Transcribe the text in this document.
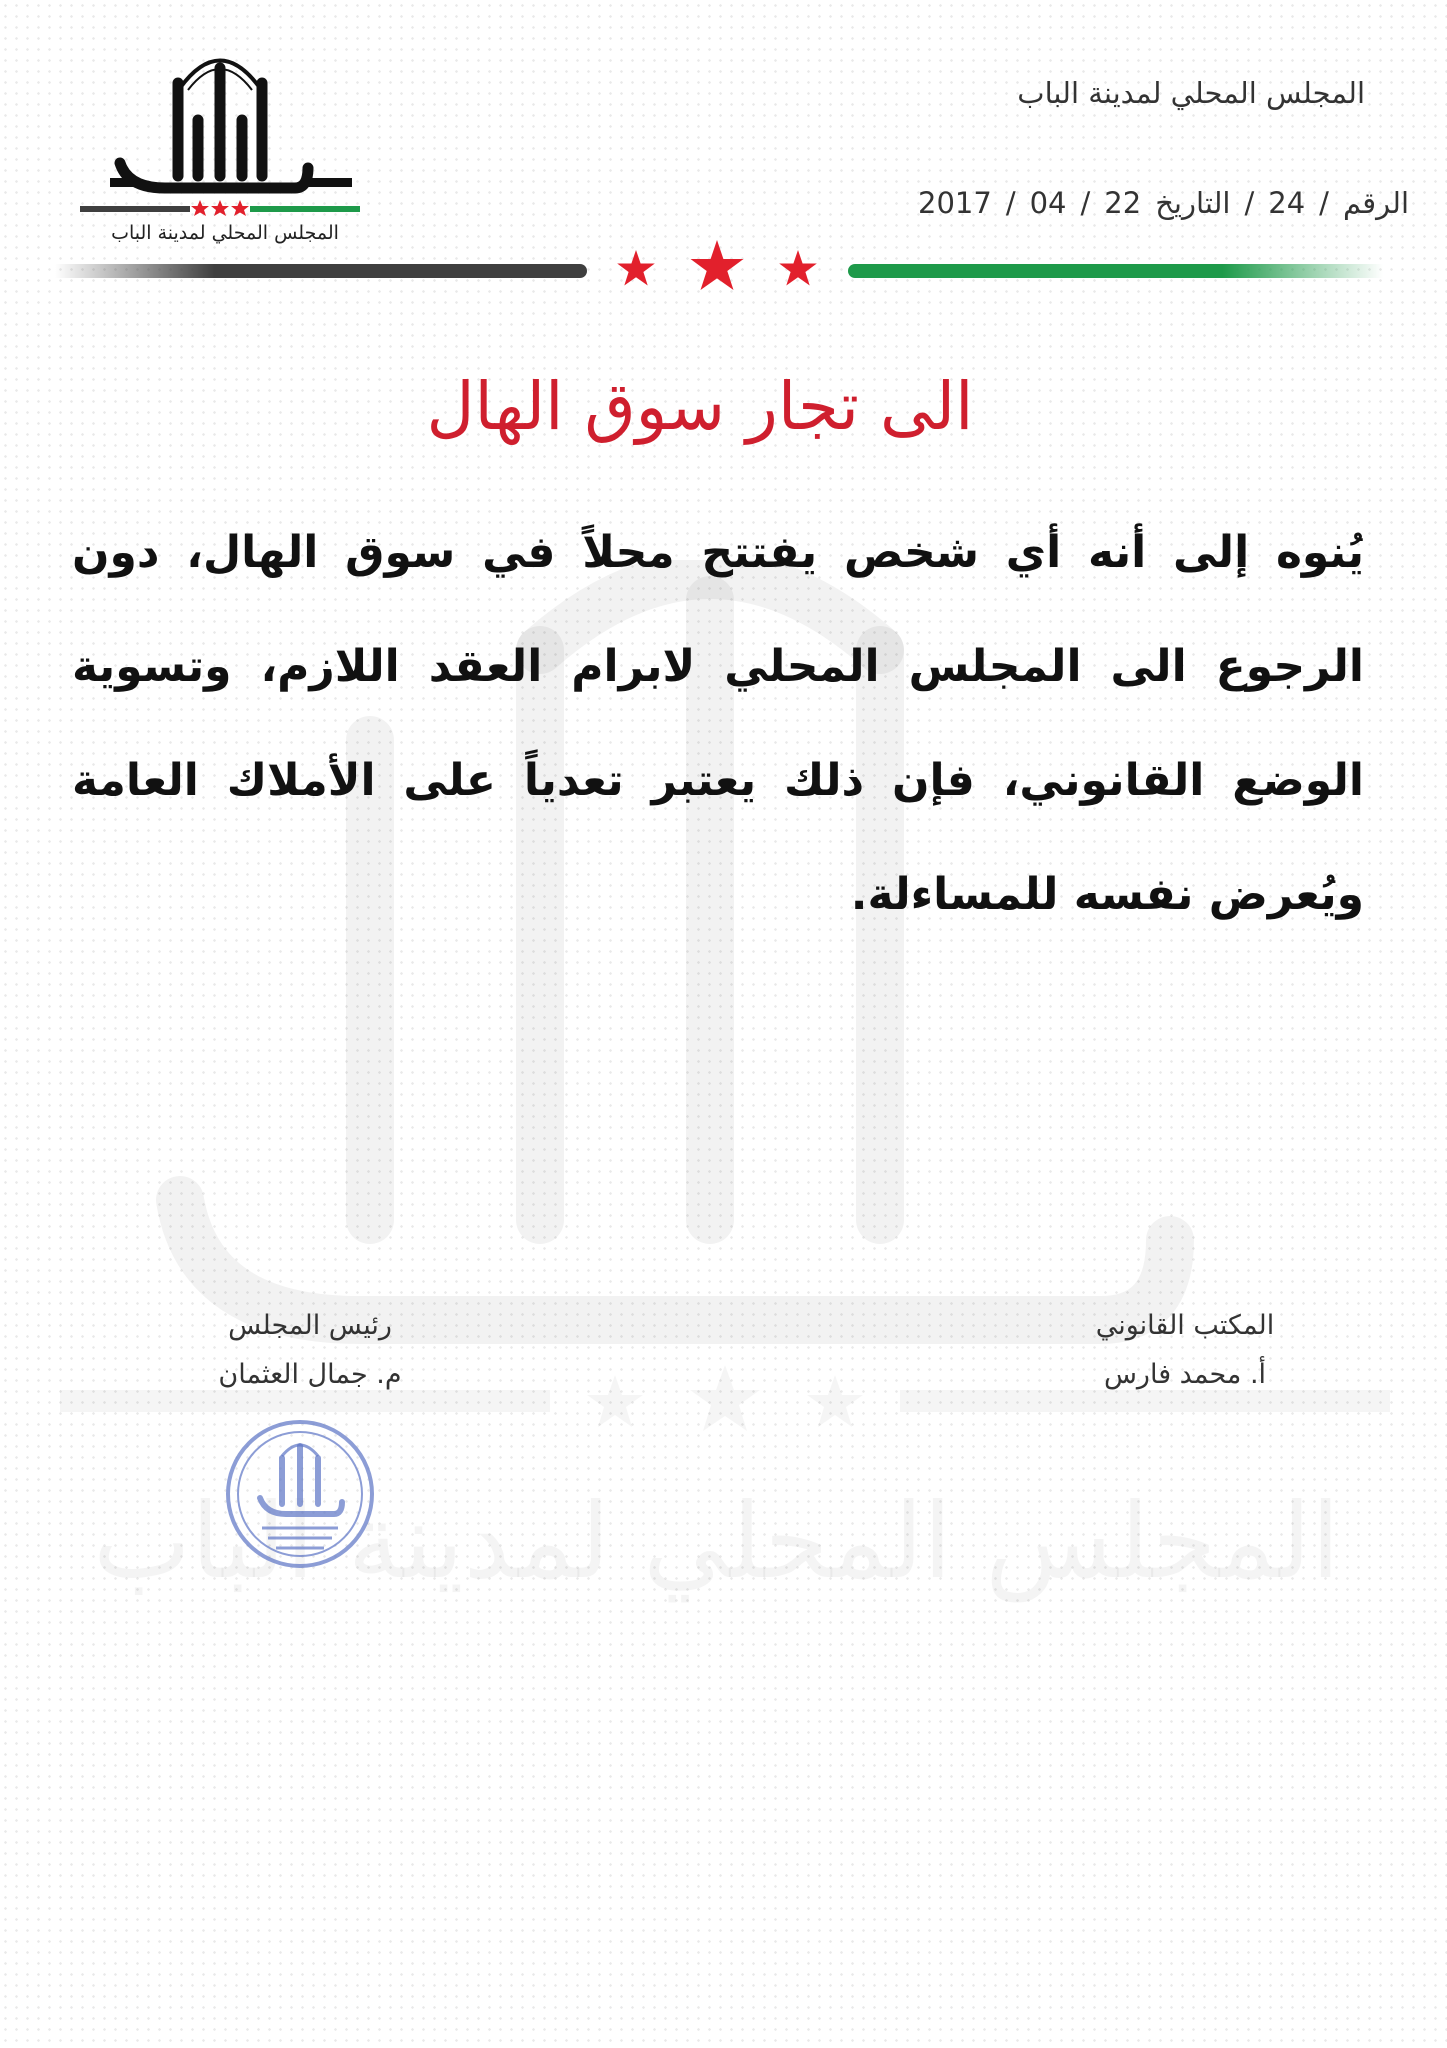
المجلس المحلي لمدينة الباب
المجلس المحلي لمدينة الباب
الرقم
/
24
/
التاريخ
22
/
04
/
2017
الى تجار سوق الهال
يُنوه إلى أنه أي شخص يفتتح محلاً في سوق الهال، دون الرجوع الى المجلس المحلي لابرام العقد اللازم، وتسوية الوضع القانوني، فإن ذلك يعتبر تعدياً على الأملاك العامة ويُعرض نفسه للمساءلة.
المكتب القانوني
أ. محمد فارس
رئيس المجلس
م. جمال العثمان
